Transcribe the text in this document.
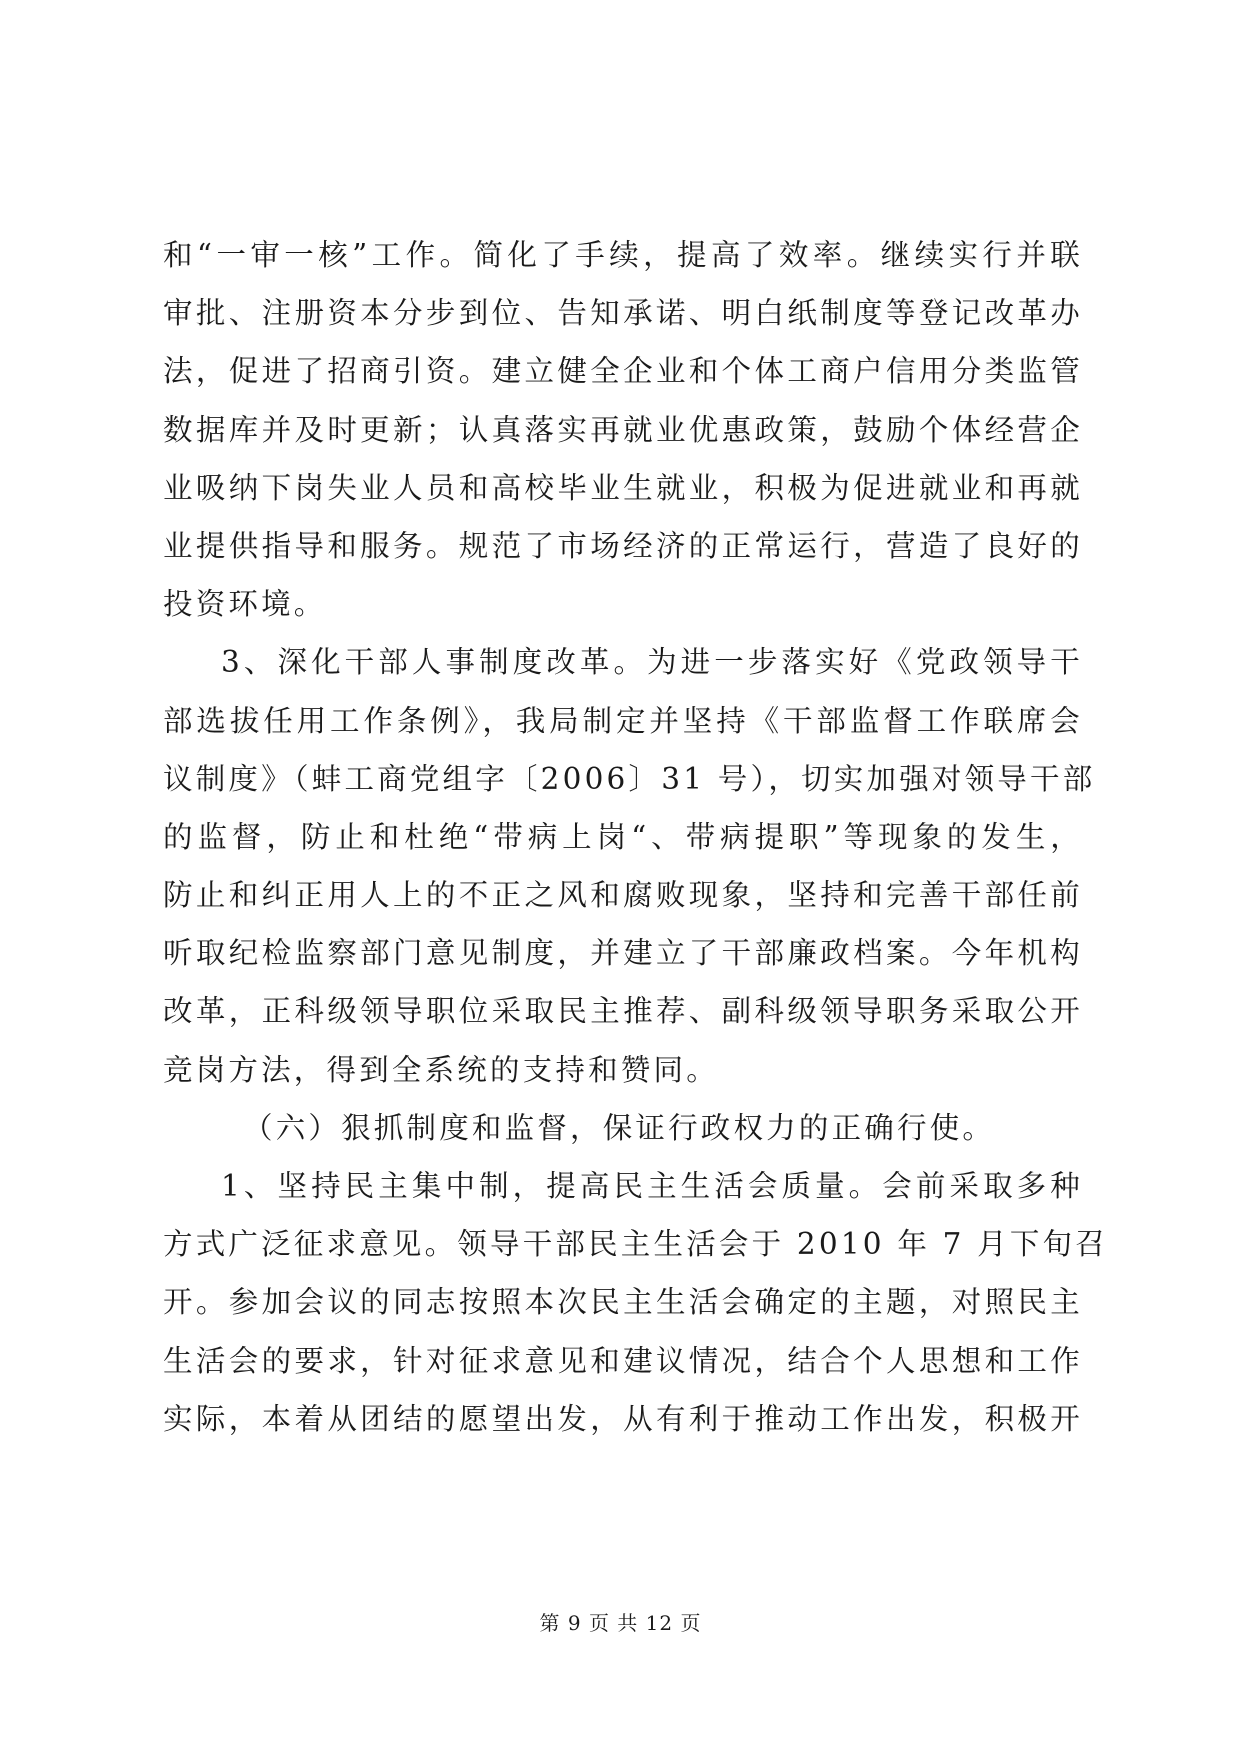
和“一审一核”工作。简化了手续，提高了效率。继续实行并联
审批、注册资本分步到位、告知承诺、明白纸制度等登记改革办
法，促进了招商引资。建立健全企业和个体工商户信用分类监管
数据库并及时更新；认真落实再就业优惠政策，鼓励个体经营企
业吸纳下岗失业人员和高校毕业生就业，积极为促进就业和再就
业提供指导和服务。规范了市场经济的正常运行，营造了良好的
投资环境。
3、深化干部人事制度改革。为进一步落实好《党政领导干
部选拔任用工作条例》，我局制定并坚持《干部监督工作联席会
议制度》（蚌工商党组字〔2006〕31 号），切实加强对领导干部
的监督，防止和杜绝“带病上岗“、带病提职”等现象的发生，
防止和纠正用人上的不正之风和腐败现象，坚持和完善干部任前
听取纪检监察部门意见制度，并建立了干部廉政档案。今年机构
改革，正科级领导职位采取民主推荐、副科级领导职务采取公开
竞岗方法，得到全系统的支持和赞同。
（六）狠抓制度和监督，保证行政权力的正确行使。
1、坚持民主集中制，提高民主生活会质量。会前采取多种
方式广泛征求意见。领导干部民主生活会于 2010 年 7 月下旬召
开。参加会议的同志按照本次民主生活会确定的主题，对照民主
生活会的要求，针对征求意见和建议情况，结合个人思想和工作
实际，本着从团结的愿望出发，从有利于推动工作出发，积极开
第 9 页 共 12 页
